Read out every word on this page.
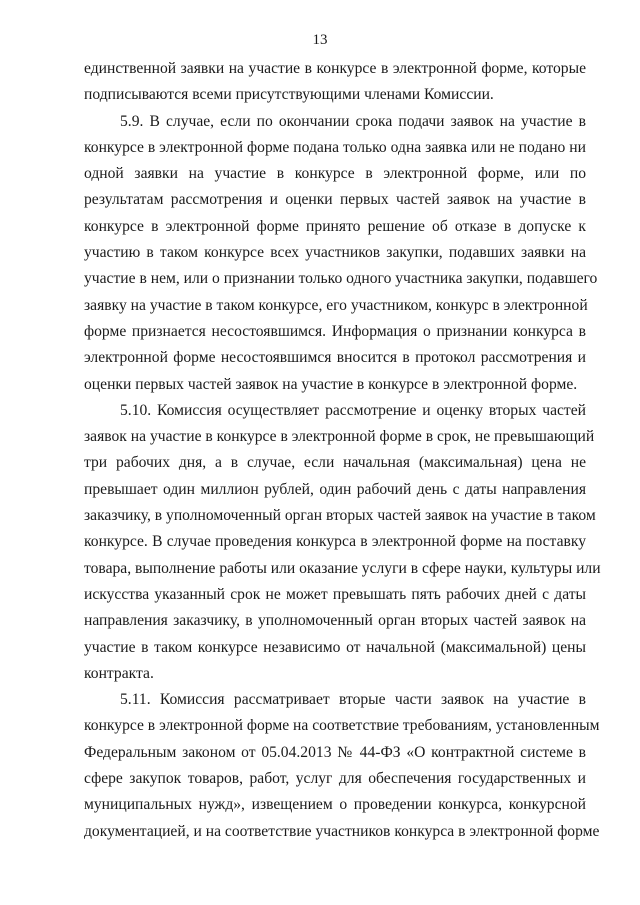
13
единственной заявки на участие в конкурсе в электронной форме, которые
подписываются всеми присутствующими членами Комиссии.
5.9. В случае, если по окончании срока подачи заявок на участие в
конкурсе в электронной форме подана только одна заявка или не подано ни
одной заявки на участие в конкурсе в электронной форме, или по
результатам рассмотрения и оценки первых частей заявок на участие в
конкурсе в электронной форме принято решение об отказе в допуске к
участию в таком конкурсе всех участников закупки, подавших заявки на
участие в нем, или о признании только одного участника закупки, подавшего
заявку на участие в таком конкурсе, его участником, конкурс в электронной
форме признается несостоявшимся. Информация о признании конкурса в
электронной форме несостоявшимся вносится в протокол рассмотрения и
оценки первых частей заявок на участие в конкурсе в электронной форме.
5.10. Комиссия осуществляет рассмотрение и оценку вторых частей
заявок на участие в конкурсе в электронной форме в срок, не превышающий
три рабочих дня, а в случае, если начальная (максимальная) цена не
превышает один миллион рублей, один рабочий день с даты направления
заказчику, в уполномоченный орган вторых частей заявок на участие в таком
конкурсе. В случае проведения конкурса в электронной форме на поставку
товара, выполнение работы или оказание услуги в сфере науки, культуры или
искусства указанный срок не может превышать пять рабочих дней с даты
направления заказчику, в уполномоченный орган вторых частей заявок на
участие в таком конкурсе независимо от начальной (максимальной) цены
контракта.
5.11. Комиссия рассматривает вторые части заявок на участие в
конкурсе в электронной форме на соответствие требованиям, установленным
Федеральным законом от 05.04.2013 № 44-ФЗ «О контрактной системе в
сфере закупок товаров, работ, услуг для обеспечения государственных и
муниципальных нужд», извещением о проведении конкурса, конкурсной
документацией, и на соответствие участников конкурса в электронной форме
